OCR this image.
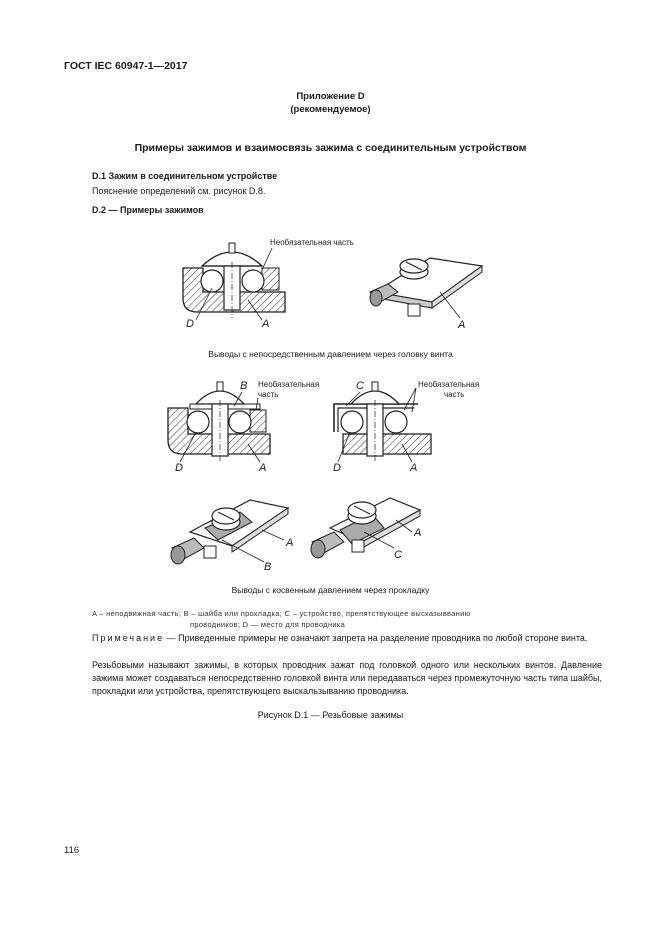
ГОСТ IEC 60947-1—2017
Приложение D
(рекомендуемое)
Примеры зажимов и взаимосвязь зажима с соединительным устройством
D.1 Зажим в соединительном устройстве
Пояснение определений см. рисунок D.8.
D.2 — Примеры зажимов
Необязательная часть
D	A	A
B Необязательная
часть
D	A
C	Необязательная
часть
D	A
A
B
A
C
Выводы с непосредственным давлением через головку винта
Выводы с косвенным давлением через прокладку
A – неподвижная часть; B – шайба или прокладка; C – устройство, препятствующее высказывванию
проводников; D — место для проводника
Примечание — Приведенные примеры не означают запрета на разделение проводника по любой стороне винта.
Резьбовыми называют зажимы, в которых проводник зажат под головкой одного или нескольких винтов. Давление зажима может создаваться непосредственно головкой винта или передаваться через промежуточную часть типа шайбы, прокладки или устройства, препятствующего выскальзыванию проводника.
Рисунок D.1 — Резьбовые зажимы
116
